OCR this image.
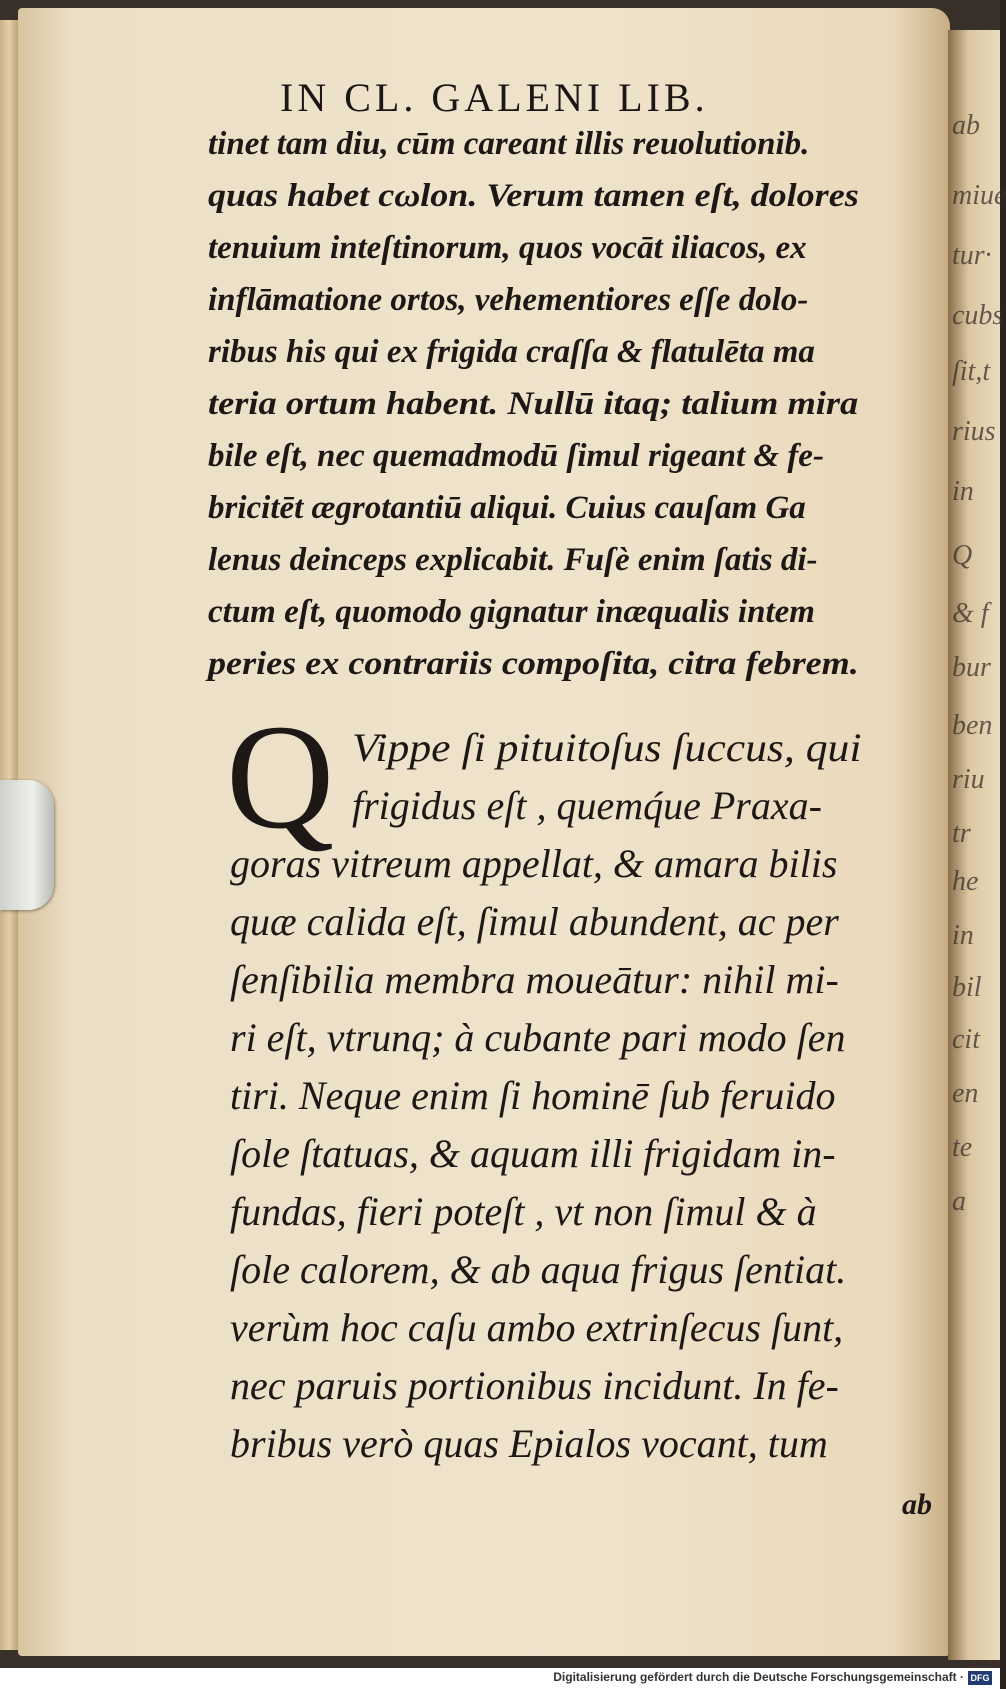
IN CL. GALENI LIB.

tinet tam diu, cūm careant illis reuolutionib.

quas habet cωlon. Verum tamen eſt, dolores

tenuium inteſtinorum, quos vocāt iliacos, ex

inflāmatione ortos, vehementiores eſſe dolo-

ribus his qui ex frigida craſſa & flatulēta ma

teria ortum habent. Nullū itaq; talium mira

bile eſt, nec quemadmodū ſimul rigeant & fe-

bricitēt ægrotantiū aliqui. Cuius cauſam Ga

lenus deinceps explicabit. Fuſè enim ſatis di-

ctum eſt, quomodo gignatur inæqualis intem

peries ex contrariis compoſita, citra febrem.

Q Vippe ſi pituitoſus ſuccus, qui

frigidus eſt , quemq́ue Praxa-

goras vitreum appellat, & amara bilis

quæ calida eſt, ſimul abundent, ac per

ſenſibilia membra moueātur: nihil mi-

ri eſt, vtrunq; à cubante pari modo ſen

tiri. Neque enim ſi hominē ſub feruido

ſole ſtatuas, & aquam illi frigidam in-

fundas, fieri poteſt , vt non ſimul & à

ſole calorem, & ab aqua frigus ſentiat.

verùm hoc caſu ambo extrinſecus ſunt,

nec paruis portionibus incidunt. In fe-

bribus verò quas Epialos vocant, tum

ab
ab
miue
tur·
cubs
ſit,t
rius
in
Q
& f
bur
ben
riu
tr
he
in
bil
cit
en
te
a
Digitalisierung gefördert durch die Deutsche Forschungsgemeinschaft · DFG
